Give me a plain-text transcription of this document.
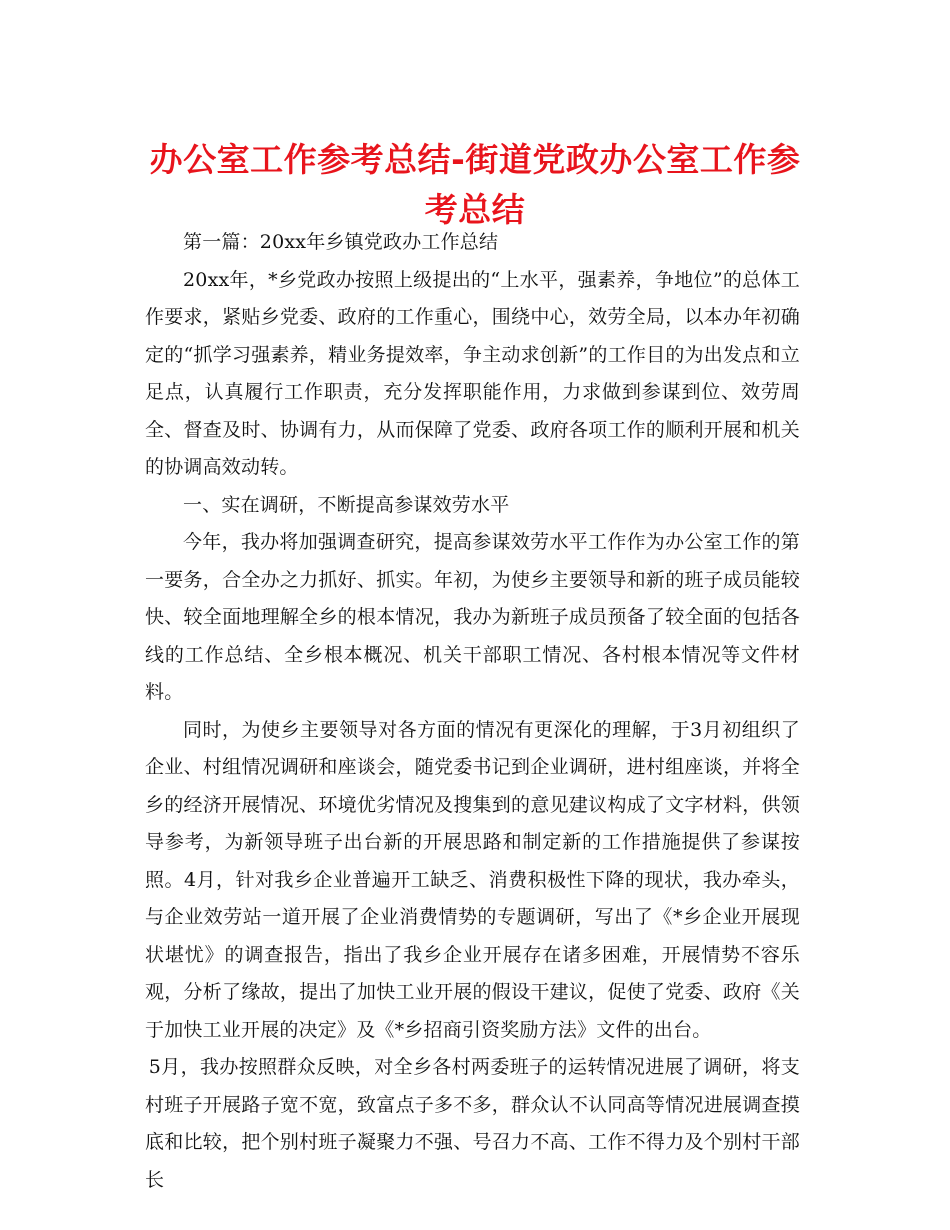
办公室工作参考总结-街道党政办公室工作参考总结

第一篇：20xx年乡镇党政办工作总结

20xx年，*乡党政办按照上级提出的“上水平，强素养，争地位”的总体工作要求，紧贴乡党委、政府的工作重心，围绕中心，效劳全局，以本办年初确定的“抓学习强素养，精业务提效率，争主动求创新”的工作目的为出发点和立足点，认真履行工作职责，充分发挥职能作用，力求做到参谋到位、效劳周全、督查及时、协调有力，从而保障了党委、政府各项工作的顺利开展和机关的协调高效动转。

一、实在调研，不断提高参谋效劳水平

今年，我办将加强调查研究，提高参谋效劳水平工作作为办公室工作的第一要务，合全办之力抓好、抓实。年初，为使乡主要领导和新的班子成员能较快、较全面地理解全乡的根本情况，我办为新班子成员预备了较全面的包括各线的工作总结、全乡根本概况、机关干部职工情况、各村根本情况等文件材料。

同时，为使乡主要领导对各方面的情况有更深化的理解，于3月初组织了企业、村组情况调研和座谈会，随党委书记到企业调研，进村组座谈，并将全乡的经济开展情况、环境优劣情况及搜集到的意见建议构成了文字材料，供领导参考，为新领导班子出台新的开展思路和制定新的工作措施提供了参谋按照。4月，针对我乡企业普遍开工缺乏、消费积极性下降的现状，我办牵头，与企业效劳站一道开展了企业消费情势的专题调研，写出了《*乡企业开展现状堪忧》的调查报告，指出了我乡企业开展存在诸多困难，开展情势不容乐观，分析了缘故，提出了加快工业开展的假设干建议，促使了党委、政府《关于加快工业开展的决定》及《*乡招商引资奖励方法》文件的出台。

5月，我办按照群众反映，对全乡各村两委班子的运转情况进展了调研，将支村班子开展路子宽不宽，致富点子多不多，群众认不认同高等情况进展调查摸底和比较，把个别村班子凝聚力不强、号召力不高、工作不得力及个别村干部长
